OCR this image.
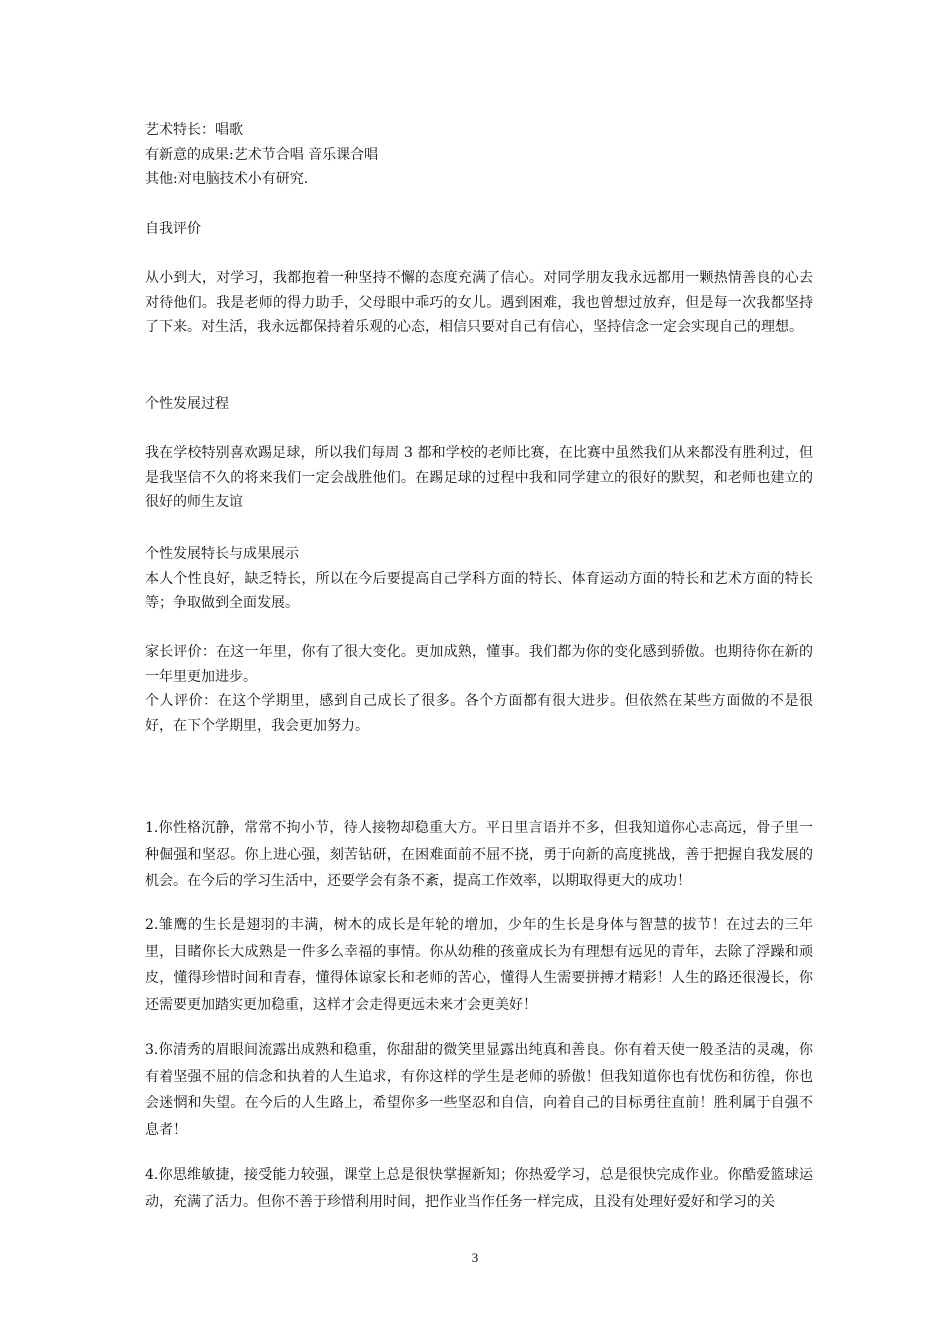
艺术特长：唱歌

有新意的成果:艺术节合唱 音乐课合唱

其他:对电脑技术小有研究.

自我评价

从小到大，对学习，我都抱着一种坚持不懈的态度充满了信心。对同学朋友我永远都用一颗热情善良的心去对待他们。我是老师的得力助手，父母眼中乖巧的女儿。遇到困难，我也曾想过放弃，但是每一次我都坚持了下来。对生活，我永远都保持着乐观的心态，相信只要对自己有信心，坚持信念一定会实现自己的理想。

个性发展过程

我在学校特别喜欢踢足球，所以我们每周 3 都和学校的老师比赛，在比赛中虽然我们从来都没有胜利过，但是我坚信不久的将来我们一定会战胜他们。在踢足球的过程中我和同学建立的很好的默契，和老师也建立的很好的师生友谊

个性发展特长与成果展示

本人个性良好，缺乏特长，所以在今后要提高自己学科方面的特长、体育运动方面的特长和艺术方面的特长等；争取做到全面发展。

家长评价：在这一年里，你有了很大变化。更加成熟，懂事。我们都为你的变化感到骄傲。也期待你在新的一年里更加进步。

个人评价：在这个学期里，感到自己成长了很多。各个方面都有很大进步。但依然在某些方面做的不是很好，在下个学期里，我会更加努力。

1.你性格沉静，常常不拘小节，待人接物却稳重大方。平日里言语并不多，但我知道你心志高远，骨子里一种倔强和坚忍。你上进心强，刻苦钻研，在困难面前不屈不挠，勇于向新的高度挑战，善于把握自我发展的机会。在今后的学习生活中，还要学会有条不紊，提高工作效率，以期取得更大的成功！

2.雏鹰的生长是翅羽的丰满，树木的成长是年轮的增加，少年的生长是身体与智慧的拔节！在过去的三年里，目睹你长大成熟是一件多么幸福的事情。你从幼稚的孩童成长为有理想有远见的青年，去除了浮躁和顽皮，懂得珍惜时间和青春，懂得体谅家长和老师的苦心，懂得人生需要拼搏才精彩！人生的路还很漫长，你还需要更加踏实更加稳重，这样才会走得更远未来才会更美好！

3.你清秀的眉眼间流露出成熟和稳重，你甜甜的微笑里显露出纯真和善良。你有着天使一般圣洁的灵魂，你有着坚强不屈的信念和执着的人生追求，有你这样的学生是老师的骄傲！但我知道你也有忧伤和彷徨，你也会迷惘和失望。在今后的人生路上，希望你多一些坚忍和自信，向着自己的目标勇往直前！胜利属于自强不息者！

4.你思维敏捷，接受能力较强，课堂上总是很快掌握新知；你热爱学习，总是很快完成作业。你酷爱篮球运动，充满了活力。但你不善于珍惜利用时间，把作业当作任务一样完成，且没有处理好爱好和学习的关

3
